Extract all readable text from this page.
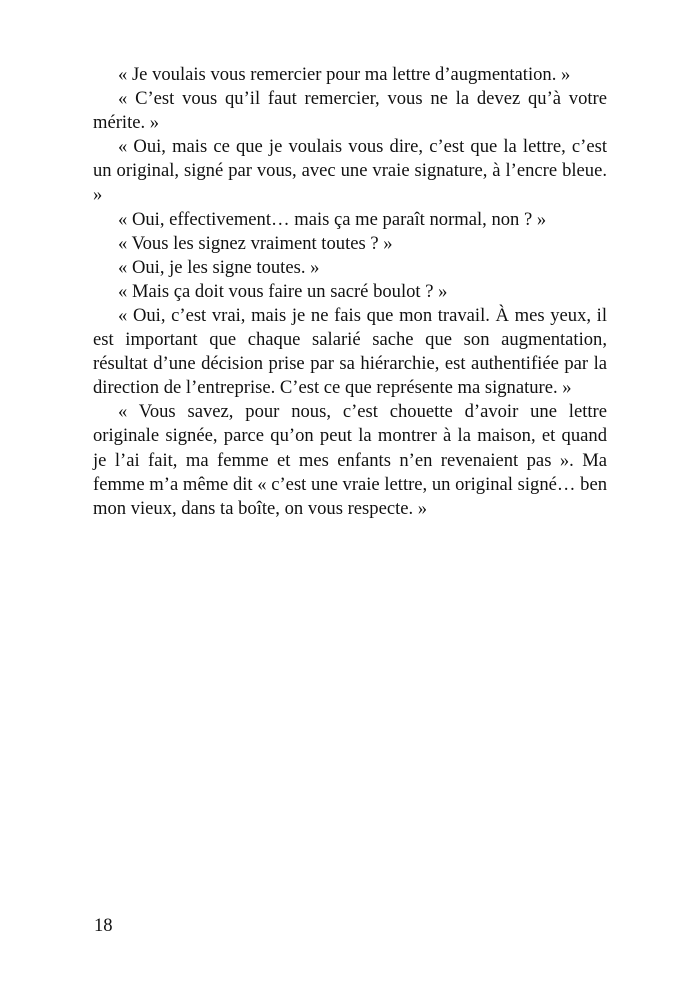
« Je voulais vous remercier pour ma lettre d’augmentation. »

« C’est vous qu’il faut remercier, vous ne la devez qu’à votre mérite. »

« Oui, mais ce que je voulais vous dire, c’est que la lettre, c’est un original, signé par vous, avec une vraie signature, à l’encre bleue. »

« Oui, effectivement… mais ça me paraît normal, non ? »

« Vous les signez vraiment toutes ? »

« Oui, je les signe toutes. »

« Mais ça doit vous faire un sacré boulot ? »

« Oui, c’est vrai, mais je ne fais que mon travail. À mes yeux, il est important que chaque salarié sache que son augmentation, résultat d’une décision prise par sa hiérarchie, est authentifiée par la direction de l’entreprise. C’est ce que représente ma signature. »

« Vous savez, pour nous, c’est chouette d’avoir une lettre originale signée, parce qu’on peut la montrer à la maison, et quand je l’ai fait, ma femme et mes enfants n’en revenaient pas ». Ma femme m’a même dit « c’est une vraie lettre, un original signé… ben mon vieux, dans ta boîte, on vous respecte. »

18
